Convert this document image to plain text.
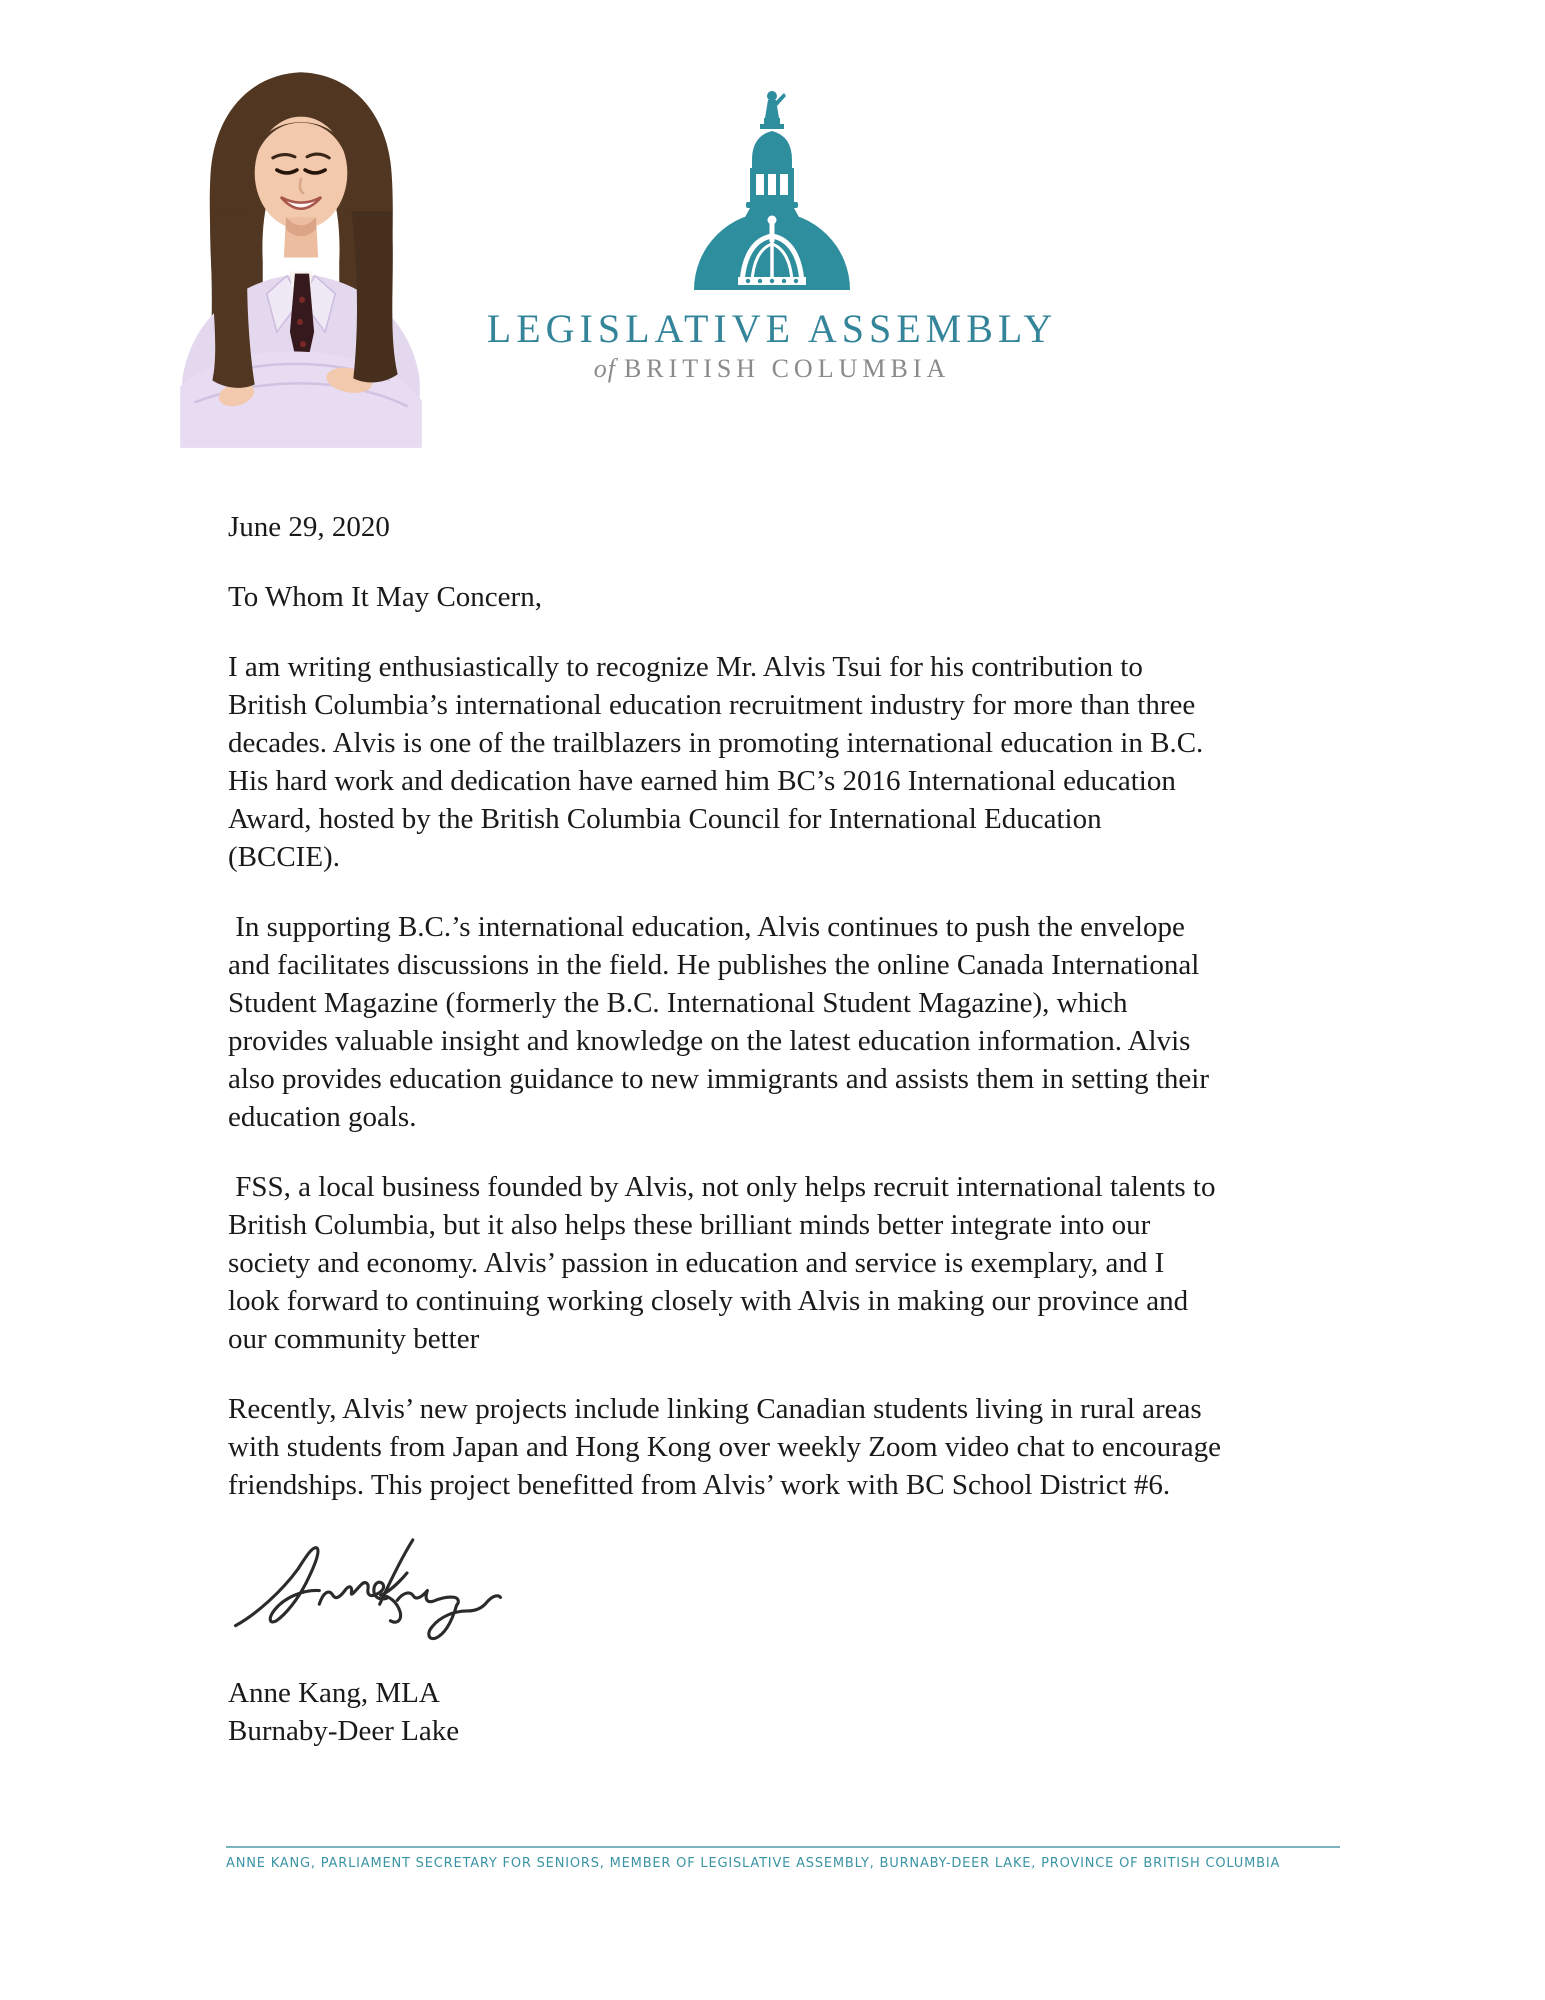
LEGISLATIVE ASSEMBLY
of BRITISH COLUMBIA

June 29, 2020

To Whom It May Concern,

I am writing enthusiastically to recognize Mr. Alvis Tsui for his contribution to
British Columbia’s international education recruitment industry for more than three
decades. Alvis is one of the trailblazers in promoting international education in B.C.
His hard work and dedication have earned him BC’s 2016 International education
Award, hosted by the British Columbia Council for International Education
(BCCIE).

In supporting B.C.’s international education, Alvis continues to push the envelope
and facilitates discussions in the field. He publishes the online Canada International
Student Magazine (formerly the B.C. International Student Magazine), which
provides valuable insight and knowledge on the latest education information. Alvis
also provides education guidance to new immigrants and assists them in setting their
education goals.

FSS, a local business founded by Alvis, not only helps recruit international talents to
British Columbia, but it also helps these brilliant minds better integrate into our
society and economy. Alvis’ passion in education and service is exemplary, and I
look forward to continuing working closely with Alvis in making our province and
our community better

Recently, Alvis’ new projects include linking Canadian students living in rural areas
with students from Japan and Hong Kong over weekly Zoom video chat to encourage
friendships. This project benefitted from Alvis’ work with BC School District #6.

Anne Kang, MLA
Burnaby-Deer Lake

ANNE KANG, PARLIAMENT SECRETARY FOR SENIORS, MEMBER OF LEGISLATIVE ASSEMBLY, BURNABY-DEER LAKE, PROVINCE OF BRITISH COLUMBIA
